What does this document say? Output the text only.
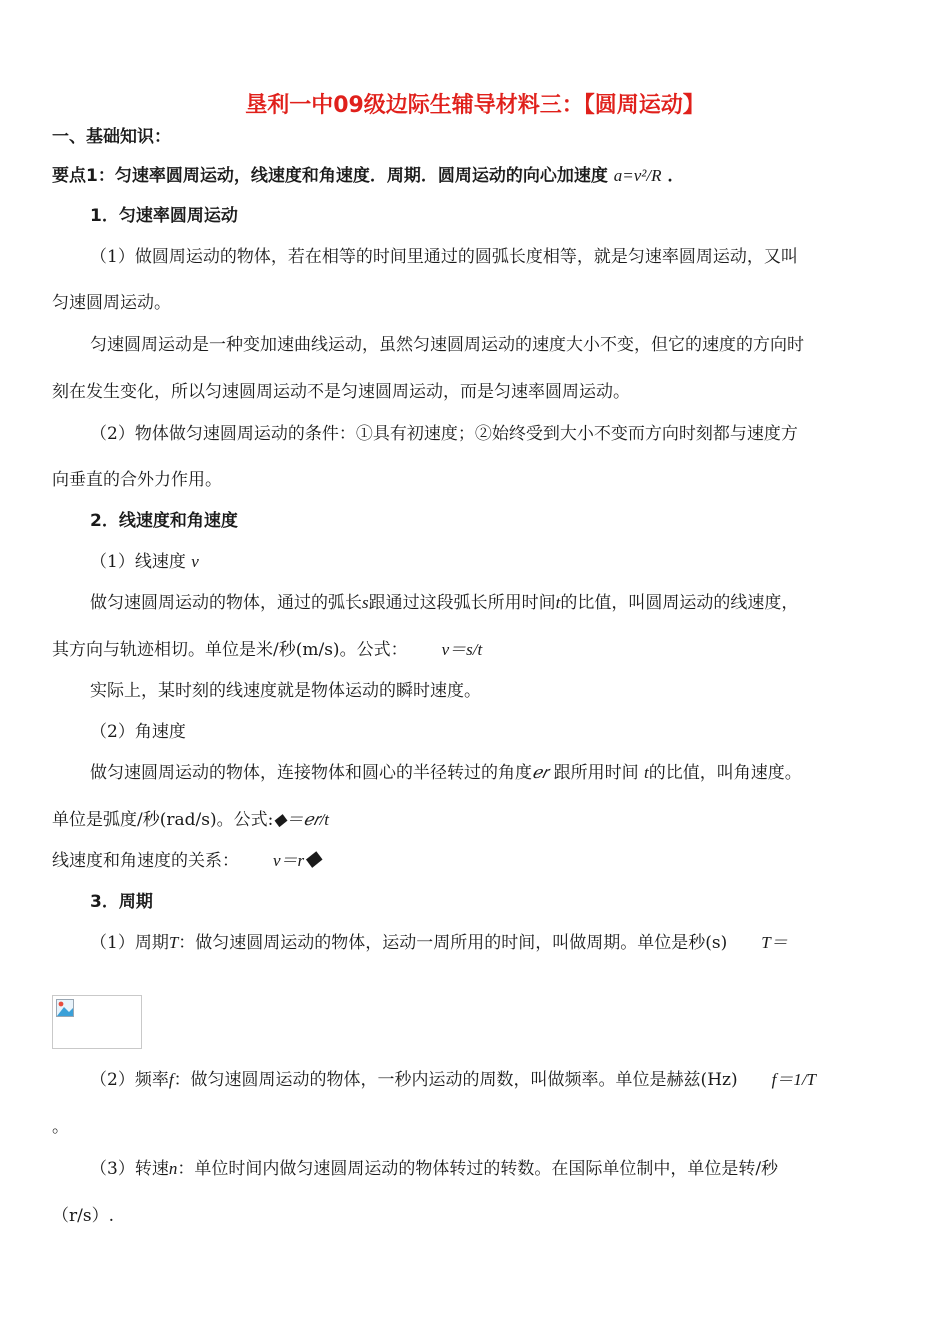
垦利一中09级边际生辅导材料三：【圆周运动】
一、基础知识：
要点1：匀速率圆周运动，线速度和角速度．周期．圆周运动的向心加速度 a=v²/R ．
1．匀速率圆周运动
（1）做圆周运动的物体，若在相等的时间里通过的圆弧长度相等，就是匀速率圆周运动，又叫
匀速圆周运动。
匀速圆周运动是一种变加速曲线运动，虽然匀速圆周运动的速度大小不变，但它的速度的方向时
刻在发生变化，所以匀速圆周运动不是匀速圆周运动，而是匀速率圆周运动。
（2）物体做匀速圆周运动的条件：①具有初速度；②始终受到大小不变而方向时刻都与速度方
向垂直的合外力作用。
2．线速度和角速度
（1）线速度 v
做匀速圆周运动的物体，通过的弧长s跟通过这段弧长所用时间t的比值，叫圆周运动的线速度，
其方向与轨迹相切。单位是米/秒(m/s)。公式： v＝s/t
实际上，某时刻的线速度就是物体运动的瞬时速度。
（2）角速度
做匀速圆周运动的物体，连接物体和圆心的半径转过的角度ℯ𝑟 跟所用时间 t的比值，叫角速度。
单位是弧度/秒(rad/s)。公式:◆＝ℯ𝑟/t
线速度和角速度的关系： v＝r◆
3．周期
（1）周期T：做匀速圆周运动的物体，运动一周所用的时间，叫做周期。单位是秒(s) T＝
（2）频率f：做匀速圆周运动的物体，一秒内运动的周数，叫做频率。单位是赫兹(Hz) f＝1/T
。
（3）转速n：单位时间内做匀速圆周运动的物体转过的转数。在国际单位制中，单位是转/秒
（r/s）.
